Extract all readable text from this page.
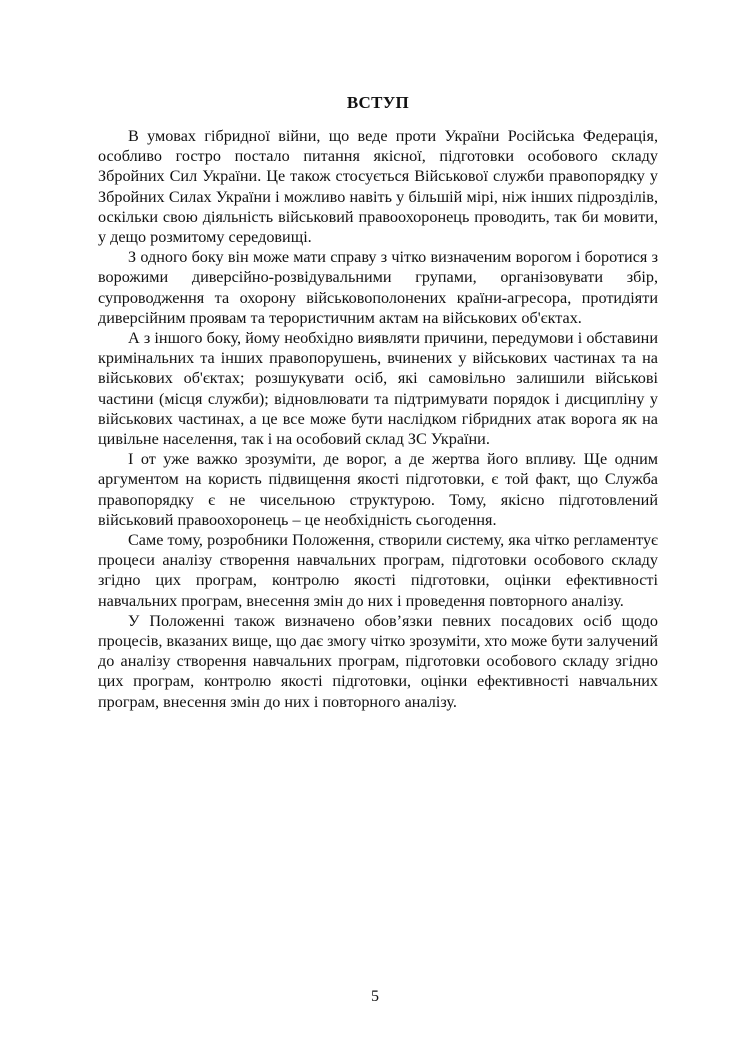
ВСТУП

В умовах гібридної війни, що веде проти України Російська Федерація, особливо гостро постало питання якісної, підготовки особового складу Збройних Сил України. Це також стосується Військової служби правопорядку у Збройних Силах України і можливо навіть у більшій мірі, ніж інших підрозділів, оскільки свою діяльність військовий правоохоронець проводить, так би мовити, у дещо розмитому середовищі.

З одного боку він може мати справу з чітко визначеним ворогом і боротися з ворожими диверсійно-розвідувальними групами, організовувати збір, супроводження та охорону військовополонених країни-агресора, протидіяти диверсійним проявам та терористичним актам на військових об'єктах.

А з іншого боку, йому необхідно виявляти причини, передумови і обставини кримінальних та інших правопорушень, вчинених у військових частинах та на військових об'єктах; розшукувати осіб, які самовільно залишили військові частини (місця служби); відновлювати та підтримувати порядок і дисципліну у військових частинах, а це все може бути наслідком гібридних атак ворога як на цивільне населення, так і на особовий склад ЗС України.

І от уже важко зрозуміти, де ворог, а де жертва його впливу. Ще одним аргументом на користь підвищення якості підготовки, є той факт, що Служба правопорядку є не чисельною структурою. Тому, якісно підготовлений військовий правоохоронець – це необхідність сьогодення.

Саме тому, розробники Положення, створили систему, яка чітко регламентує процеси аналізу створення навчальних програм, підготовки особового складу згідно цих програм, контролю якості підготовки, оцінки ефективності навчальних програм, внесення змін до них і проведення повторного аналізу.

У Положенні також визначено обов’язки певних посадових осіб щодо процесів, вказаних вище, що дає змогу чітко зрозуміти, хто може бути залучений до аналізу створення навчальних програм, підготовки особового складу згідно цих програм, контролю якості підготовки, оцінки ефективності навчальних програм, внесення змін до них і повторного аналізу.

5
